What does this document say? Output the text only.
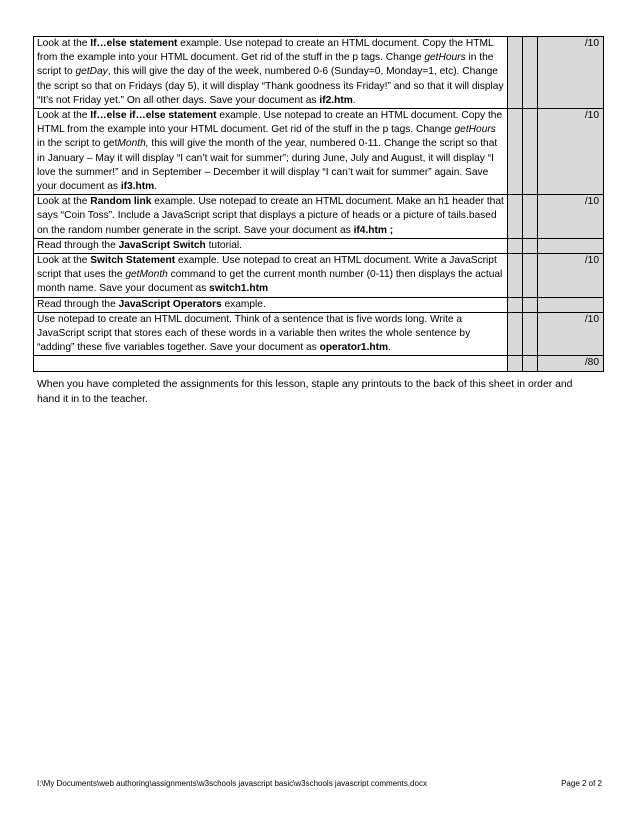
Look at the If…else statement example. Use notepad to create an HTML document. Copy the HTML from the example into your HTML document. Get rid of the stuff in the p tags. Change getHours in the script to getDay, this will give the day of the week, numbered 0-6 (Sunday=0, Monday=1, etc). Change the script so that on Fridays (day 5), it will display “Thank goodness its Friday!” and so that it will display “It’s not Friday yet.” On all other days. Save your document as if2.htm.			/10
Look at the If…else if…else statement example. Use notepad to create an HTML document. Copy the HTML from the example into your HTML document. Get rid of the stuff in the p tags. Change getHours in the script to getMonth, this will give the month of the year, numbered 0-11. Change the script so that in January – May it will display “I can’t wait for summer”; during June, July and August, it will display “I love the summer!” and in September – December it will display “I can’t wait for summer” again. Save your document as if3.htm.			/10
Look at the Random link example. Use notepad to create an HTML document. Make an h1 header that says “Coin Toss”. Include a JavaScript script that displays a picture of heads or a picture of tails.based on the random number generate in the script. Save your document as if4.htm ;			/10
Read through the JavaScript Switch tutorial.			
Look at the Switch Statement example. Use notepad to creat an HTML document. Write a JavaScript script that uses the getMonth command to get the current month number (0-11) then displays the actual month name. Save your document as switch1.htm			/10
Read through the JavaScript Operators example.			
Use notepad to create an HTML document. Think of a sentence that is five words long. Write a JavaScript script that stores each of these words in a variable then writes the whole sentence by “adding” these five variables together. Save your document as operator1.htm.			/10
			/80

When you have completed the assignments for this lesson, staple any printouts to the back of this sheet in order and hand it in to the teacher.

I:\My Documents\web authoring\assignments\w3schools javascript basic\w3schools javascript comments.docx	Page 2 of 2
